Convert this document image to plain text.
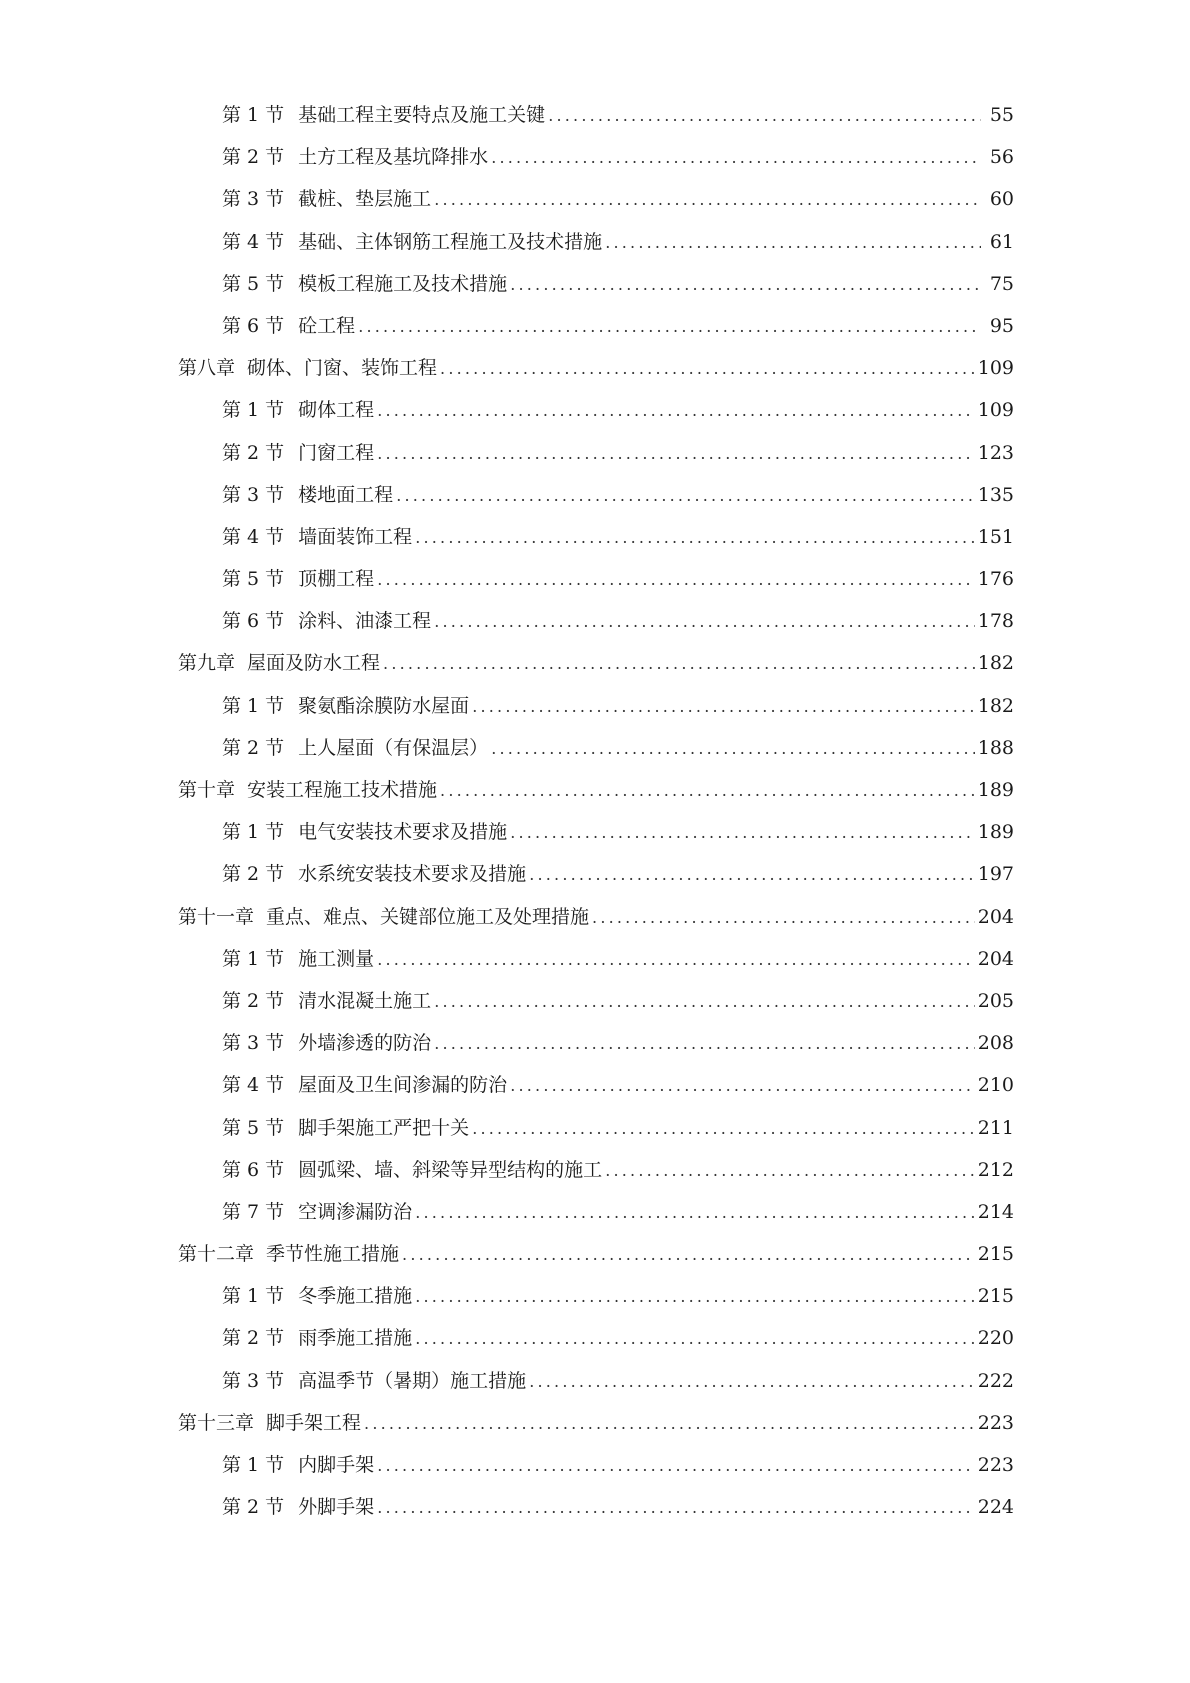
第 1 节 基础工程主要特点及施工关键 .....	55
第 2 节 土方工程及基坑降排水 .....	56
第 3 节 截桩、垫层施工 .....	60
第 4 节 基础、主体钢筋工程施工及技术措施 .....	61
第 5 节 模板工程施工及技术措施 .....	75
第 6 节 砼工程 .....	95
第八章 砌体、门窗、装饰工程 .....	109
第 1 节 砌体工程 .....	109
第 2 节 门窗工程 .....	123
第 3 节 楼地面工程 .....	135
第 4 节 墙面装饰工程 .....	151
第 5 节 顶棚工程 .....	176
第 6 节 涂料、油漆工程 .....	178
第九章 屋面及防水工程 .....	182
第 1 节 聚氨酯涂膜防水屋面 .....	182
第 2 节 上人屋面（有保温层） .....	188
第十章 安装工程施工技术措施 .....	189
第 1 节 电气安装技术要求及措施 .....	189
第 2 节 水系统安装技术要求及措施 .....	197
第十一章 重点、难点、关键部位施工及处理措施 .....	204
第 1 节 施工测量 .....	204
第 2 节 清水混凝土施工 .....	205
第 3 节 外墙渗透的防治 .....	208
第 4 节 屋面及卫生间渗漏的防治 .....	210
第 5 节 脚手架施工严把十关 .....	211
第 6 节 圆弧梁、墙、斜梁等异型结构的施工 .....	212
第 7 节 空调渗漏防治 .....	214
第十二章 季节性施工措施 .....	215
第 1 节 冬季施工措施 .....	215
第 2 节 雨季施工措施 .....	220
第 3 节 高温季节（暑期）施工措施 .....	222
第十三章 脚手架工程 .....	223
第 1 节 内脚手架 .....	223
第 2 节 外脚手架 .....	224
